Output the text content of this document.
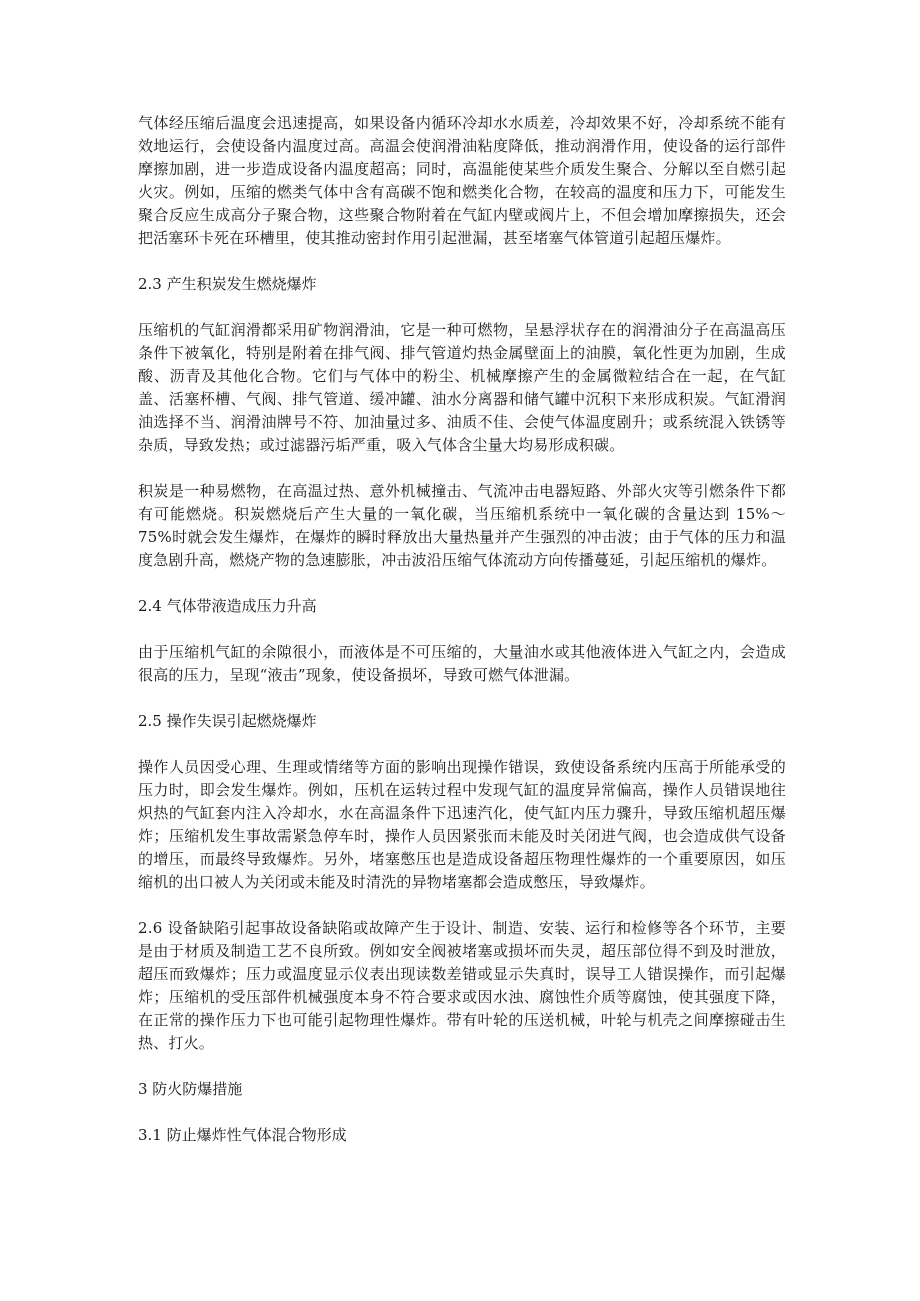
气体经压缩后温度会迅速提高，如果设备内循环冷却水水质差，冷却效果不好，冷却系统不能有效地运行，会使设备内温度过高。高温会使润滑油粘度降低，推动润滑作用，使设备的运行部件摩擦加剧，进一步造成设备内温度超高；同时，高温能使某些介质发生聚合、分解以至自燃引起火灾。例如，压缩的燃类气体中含有高碳不饱和燃类化合物，在较高的温度和压力下，可能发生聚合反应生成高分子聚合物，这些聚合物附着在气缸内壁或阀片上，不但会增加摩擦损失，还会把活塞环卡死在环槽里，使其推动密封作用引起泄漏，甚至堵塞气体管道引起超压爆炸。

2.3 产生积炭发生燃烧爆炸

压缩机的气缸润滑都采用矿物润滑油，它是一种可燃物，呈悬浮状存在的润滑油分子在高温高压条件下被氧化，特别是附着在排气阀、排气管道灼热金属壁面上的油膜，氧化性更为加剧，生成酸、沥青及其他化合物。它们与气体中的粉尘、机械摩擦产生的金属微粒结合在一起，在气缸盖、活塞杯槽、气阀、排气管道、缓冲罐、油水分离器和储气罐中沉积下来形成积炭。气缸滑润油选择不当、润滑油牌号不符、加油量过多、油质不佳、会使气体温度剧升；或系统混入铁锈等杂质，导致发热；或过滤器污垢严重，吸入气体含尘量大均易形成积碳。

积炭是一种易燃物，在高温过热、意外机械撞击、气流冲击电器短路、外部火灾等引燃条件下都有可能燃烧。积炭燃烧后产生大量的一氧化碳，当压缩机系统中一氧化碳的含量达到 15%～75%时就会发生爆炸，在爆炸的瞬时释放出大量热量并产生强烈的冲击波；由于气体的压力和温度急剧升高，燃烧产物的急速膨胀，冲击波沿压缩气体流动方向传播蔓延，引起压缩机的爆炸。

2.4 气体带液造成压力升高

由于压缩机气缸的余隙很小，而液体是不可压缩的，大量油水或其他液体进入气缸之内，会造成很高的压力，呈现“液击”现象，使设备损坏，导致可燃气体泄漏。

2.5 操作失误引起燃烧爆炸

操作人员因受心理、生理或情绪等方面的影响出现操作错误，致使设备系统内压高于所能承受的压力时，即会发生爆炸。例如，压机在运转过程中发现气缸的温度异常偏高，操作人员错误地往炽热的气缸套内注入冷却水，水在高温条件下迅速汽化，使气缸内压力骤升，导致压缩机超压爆炸；压缩机发生事故需紧急停车时，操作人员因紧张而未能及时关闭进气阀，也会造成供气设备的增压，而最终导致爆炸。另外，堵塞憋压也是造成设备超压物理性爆炸的一个重要原因，如压缩机的出口被人为关闭或未能及时清洗的异物堵塞都会造成憋压，导致爆炸。

2.6 设备缺陷引起事故设备缺陷或故障产生于设计、制造、安装、运行和检修等各个环节，主要是由于材质及制造工艺不良所致。例如安全阀被堵塞或损坏而失灵，超压部位得不到及时泄放，超压而致爆炸；压力或温度显示仪表出现读数差错或显示失真时，误导工人错误操作，而引起爆炸；压缩机的受压部件机械强度本身不符合要求或因水浊、腐蚀性介质等腐蚀，使其强度下降，在正常的操作压力下也可能引起物理性爆炸。带有叶轮的压送机械，叶轮与机壳之间摩擦碰击生热、打火。

3 防火防爆措施

3.1 防止爆炸性气体混合物形成
